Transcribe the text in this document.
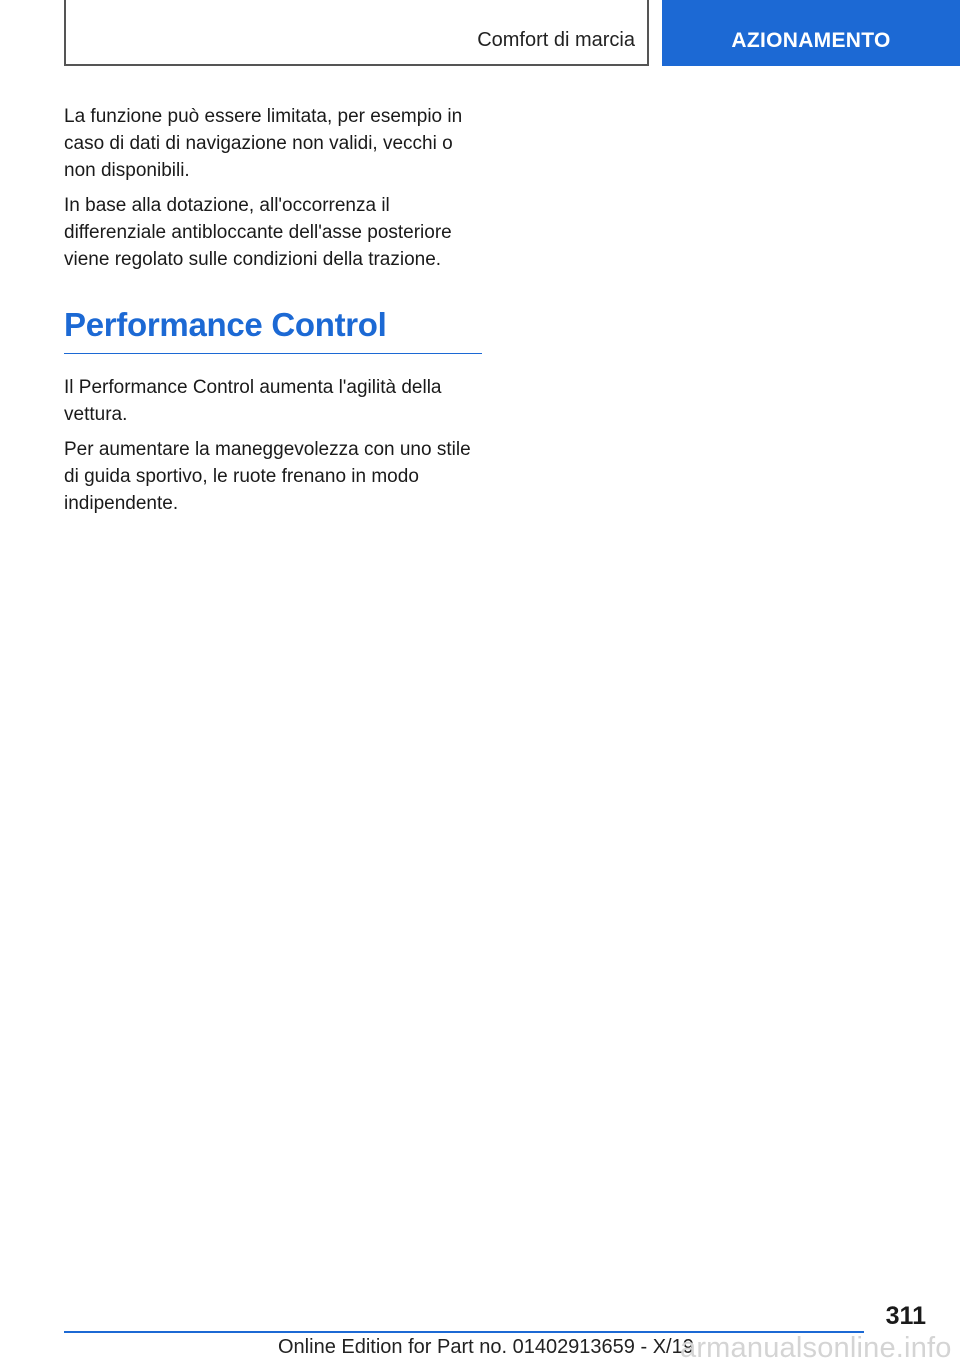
Comfort di marcia	AZIONAMENTO

La funzione può essere limitata, per esempio in caso di dati di navigazione non validi, vecchi o non disponibili.

In base alla dotazione, all'occorrenza il differenziale antibloccante dell'asse posteriore viene regolato sulle condizioni della trazione.

Performance Control

Il Performance Control aumenta l'agilità della vettura.

Per aumentare la maneggevolezza con uno stile di guida sportivo, le ruote frenano in modo indipendente.

311
Online Edition for Part no. 01402913659 - X/19
armanualsonline.info
